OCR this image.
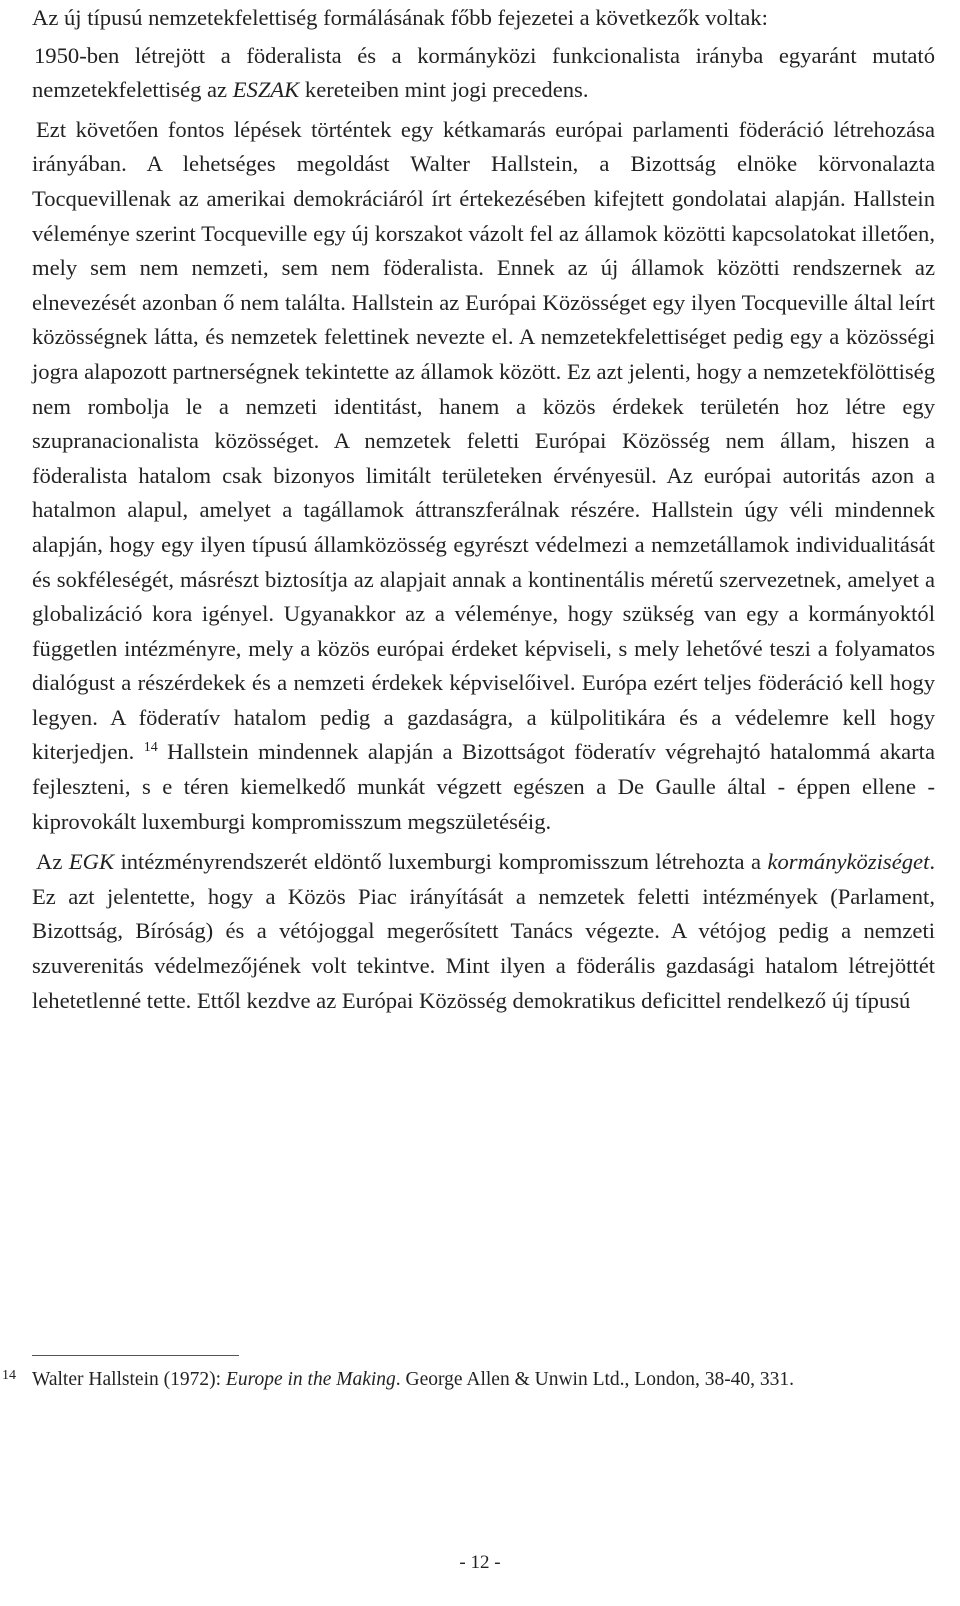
Az új típusú nemzetekfelettiség formálásának főbb fejezetei a következők voltak:

1950-ben létrejött a föderalista és a kormányközi funkcionalista irányba egyaránt mutató nemzetekfelettiség az ESZAK kereteiben mint jogi precedens.

Ezt követően fontos lépések történtek egy kétkamarás európai parlamenti föderáció létrehozása irányában. A lehetséges megoldást Walter Hallstein, a Bizottság elnöke körvonalazta Tocquevillenak az amerikai demokráciáról írt értekezésében kifejtett gondolatai alapján. Hallstein véleménye szerint Tocqueville egy új korszakot vázolt fel az államok közötti kapcsolatokat illetően, mely sem nem nemzeti, sem nem föderalista. Ennek az új államok közötti rendszernek az elnevezését azonban ő nem találta. Hallstein az Európai Közösséget egy ilyen Tocqueville által leírt közösségnek látta, és nemzetek felettinek nevezte el. A nemzetekfelettiséget pedig egy a közösségi jogra alapozott partnerségnek tekintette az államok között. Ez azt jelenti, hogy a nemzetekfölöttiség nem rombolja le a nemzeti identitást, hanem a közös érdekek területén hoz létre egy szupranacionalista közösséget. A nemzetek feletti Európai Közösség nem állam, hiszen a föderalista hatalom csak bizonyos limitált területeken érvényesül. Az európai autoritás azon a hatalmon alapul, amelyet a tagállamok áttranszferálnak részére. Hallstein úgy véli mindennek alapján, hogy egy ilyen típusú államközösség egyrészt védelmezi a nemzetállamok individualitását és sokféleségét, másrészt biztosítja az alapjait annak a kontinentális méretű szervezetnek, amelyet a globalizáció kora igényel. Ugyanakkor az a véleménye, hogy szükség van egy a kormányoktól független intézményre, mely a közös európai érdeket képviseli, s mely lehetővé teszi a folyamatos dialógust a részérdekek és a nemzeti érdekek képviselőivel. Európa ezért teljes föderáció kell hogy legyen. A föderatív hatalom pedig a gazdaságra, a külpolitikára és a védelemre kell hogy kiterjedjen. $^{14}$ Hallstein mindennek alapján a Bizottságot föderatív végrehajtó hatalommá akarta fejleszteni, s e téren kiemelkedő munkát végzett egészen a De Gaulle által - éppen ellene - kiprovokált luxemburgi kompromisszum megszületéséig.

Az EGK intézményrendszerét eldöntő luxemburgi kompromisszum létrehozta a kormányköziséget. Ez azt jelentette, hogy a Közös Piac irányítását a nemzetek feletti intézmények (Parlament, Bizottság, Bíróság) és a vétójoggal megerősített Tanács végezte. A vétójog pedig a nemzeti szuverenitás védelmezőjének volt tekintve. Mint ilyen a föderális gazdasági hatalom létrejöttét lehetetlenné tette. Ettől kezdve az Európai Közösség demokratikus deficittel rendelkező új típusú

14 Walter Hallstein (1972): Europe in the Making. George Allen & Unwin Ltd., London, 38-40, 331.
- 12 -
